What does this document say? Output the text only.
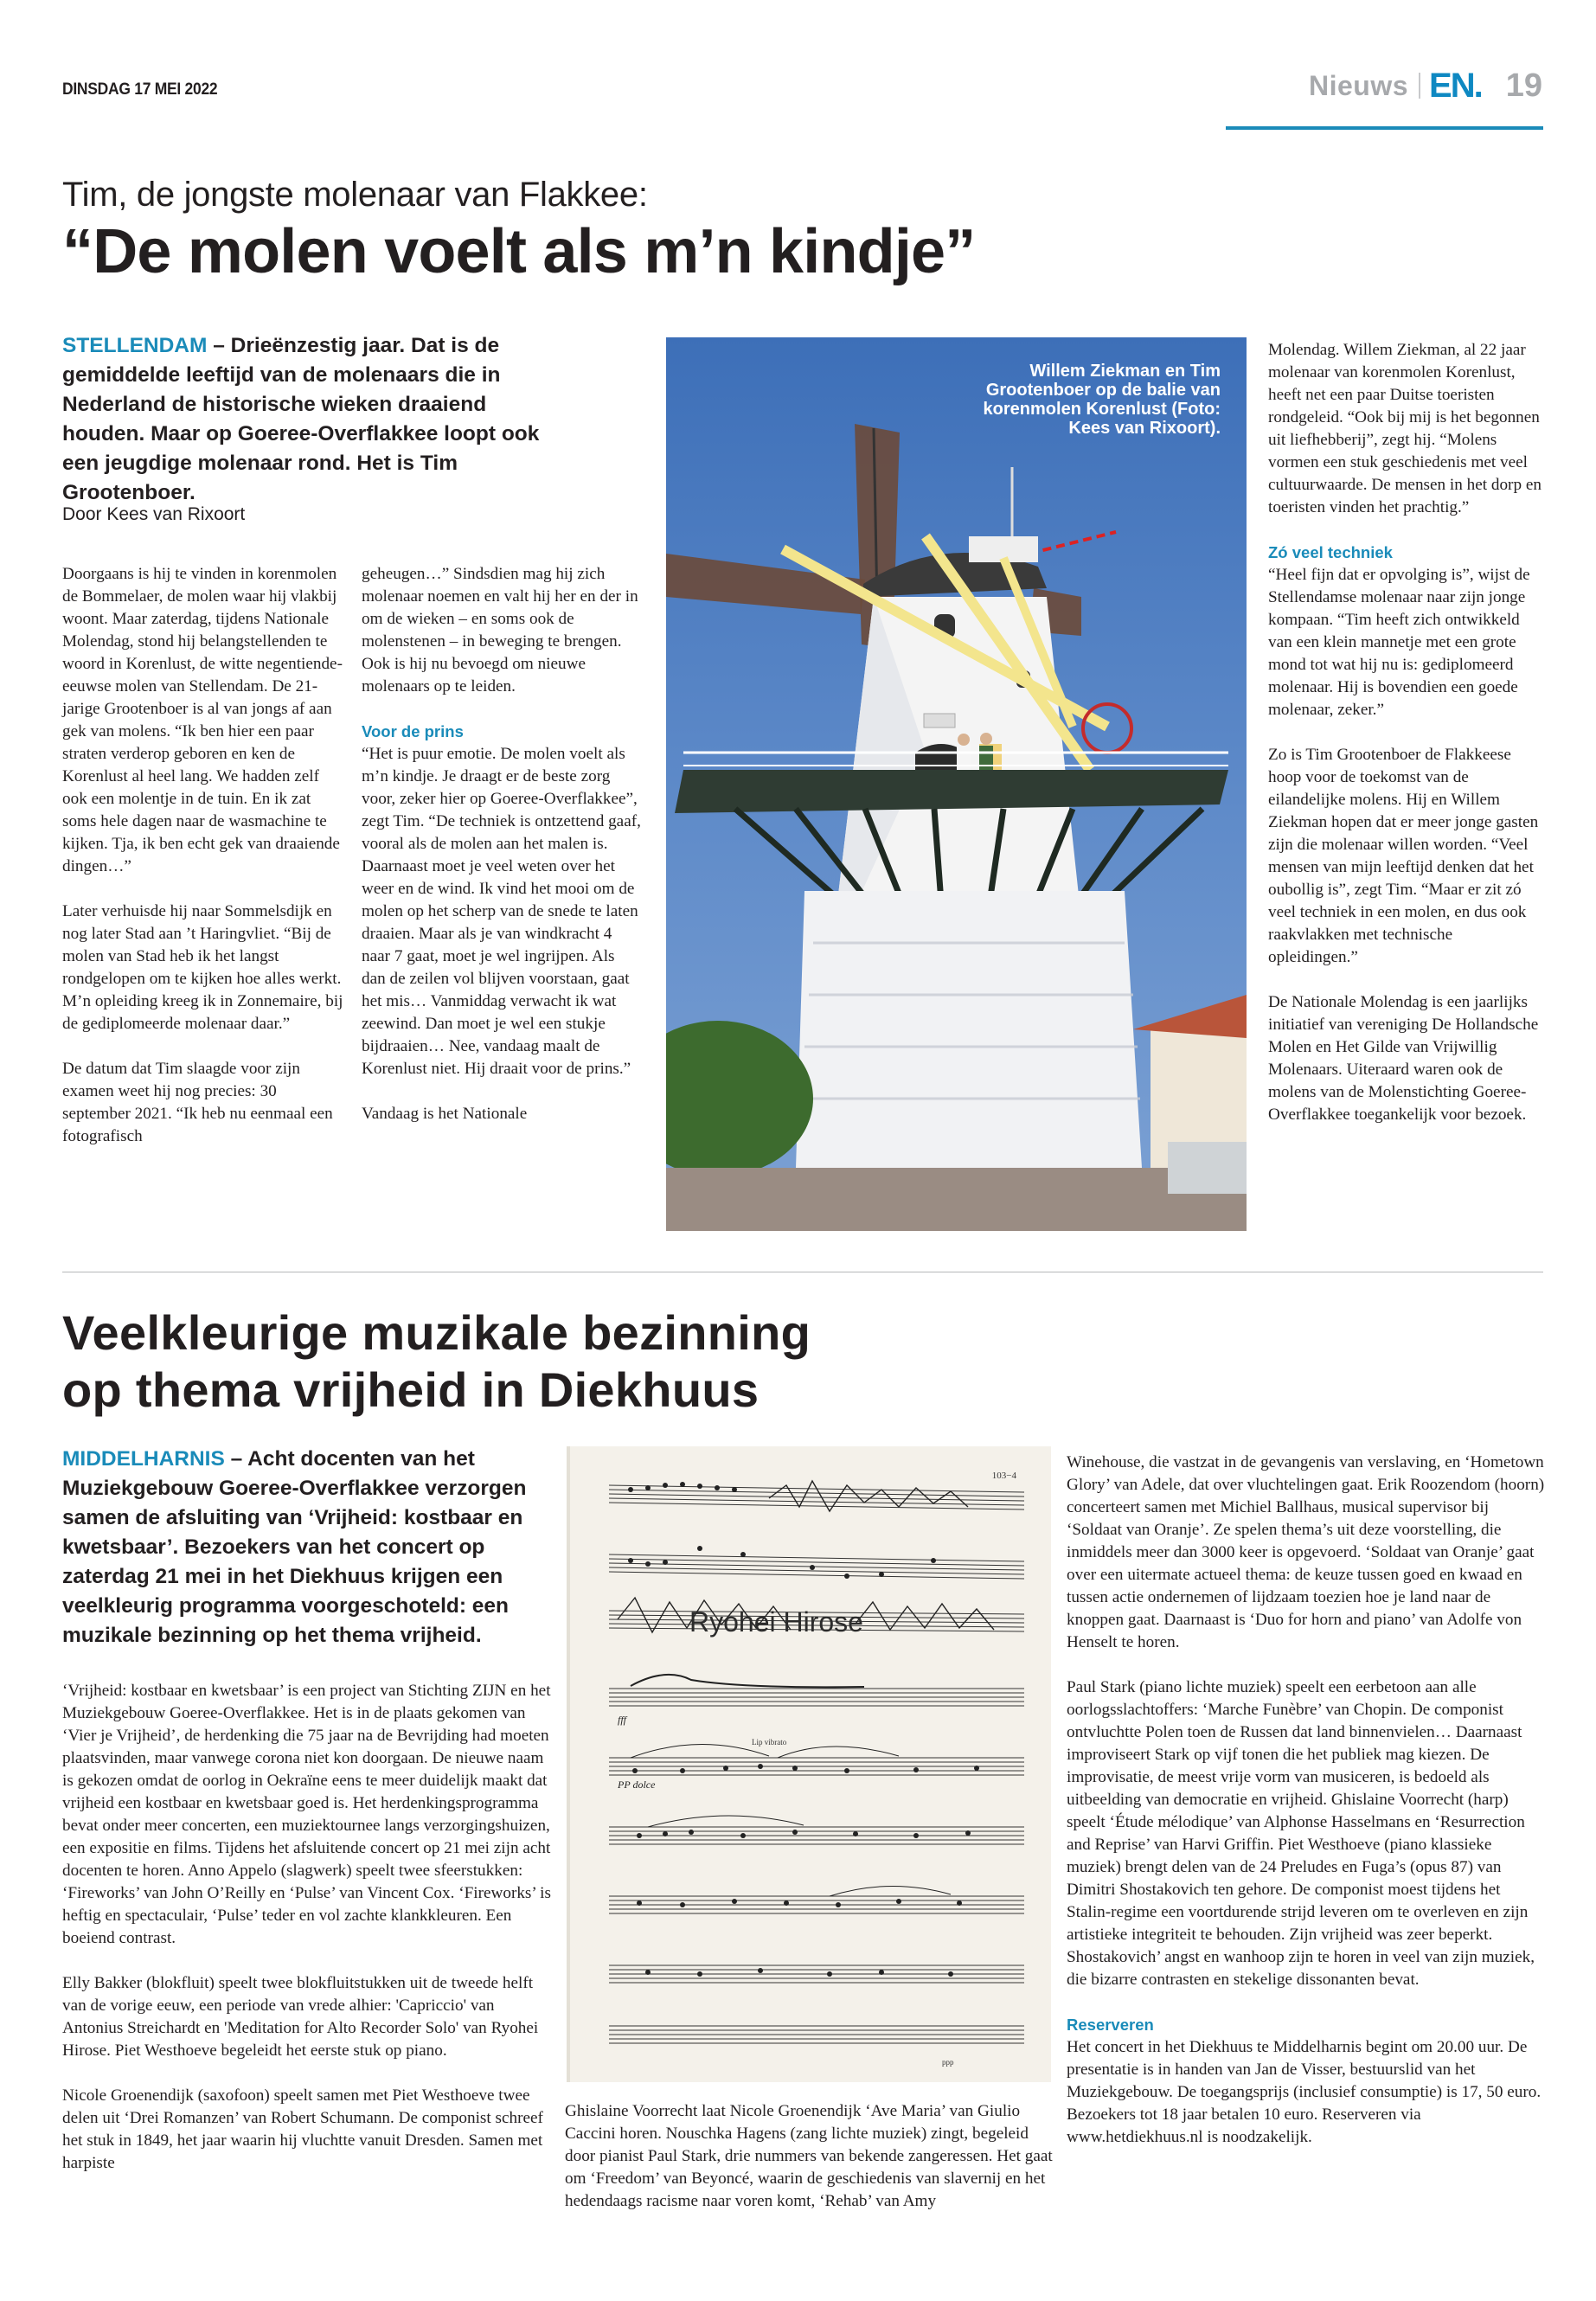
DINSDAG 17 MEI 2022	Nieuws EN. 19
Tim, de jongste molenaar van Flakkee:
“De molen voelt als m’n kindje”
STELLENDAM – Drieënzestig jaar. Dat is de gemiddelde leeftijd van de molenaars die in Nederland de historische wieken draaiend houden. Maar op Goeree-Overflakkee loopt ook een jeugdige molenaar rond. Het is Tim Grootenboer.
Door Kees van Rixoort

Doorgaans is hij te vinden in korenmolen de Bommelaer, de molen waar hij vlakbij woont. Maar zaterdag, tijdens Nationale Molendag, stond hij belangstellenden te woord in Korenlust, de witte negentiende-eeuwse molen van Stellendam. De 21-jarige Grootenboer is al van jongs af aan gek van molens. “Ik ben hier een paar straten verderop geboren en ken de Korenlust al heel lang. We hadden zelf ook een molentje in de tuin. En ik zat soms hele dagen naar de wasmachine te kijken. Tja, ik ben echt gek van draaiende dingen…”

Later verhuisde hij naar Sommelsdijk en nog later Stad aan ’t Haringvliet. “Bij de molen van Stad heb ik het langst rondgelopen om te kijken hoe alles werkt. M’n opleiding kreeg ik in Zonnemaire, bij de gediplomeerde molenaar daar.”

De datum dat Tim slaagde voor zijn examen weet hij nog precies: 30 september 2021. “Ik heb nu eenmaal een fotografisch

geheugen…” Sindsdien mag hij zich molenaar noemen en valt hij her en der in om de wieken – en soms ook de molenstenen – in beweging te brengen. Ook is hij nu bevoegd om nieuwe molenaars op te leiden.

Voor de prins

“Het is puur emotie. De molen voelt als m’n kindje. Je draagt er de beste zorg voor, zeker hier op Goeree-Overflakkee”, zegt Tim. “De techniek is ontzettend gaaf, vooral als de molen aan het malen is. Daarnaast moet je veel weten over het weer en de wind. Ik vind het mooi om de molen op het scherp van de snede te laten draaien. Maar als je van windkracht 4 naar 7 gaat, moet je wel ingrijpen. Als dan de zeilen vol blijven voorstaan, gaat het mis… Vanmiddag verwacht ik wat zeewind. Dan moet je wel een stukje bijdraaien… Nee, vandaag maalt de Korenlust niet. Hij draait voor de prins.”

Vandaag is het Nationale

Willem Ziekman en Tim Grootenboer op de balie van korenmolen Korenlust (Foto: Kees van Rixoort).

Molendag. Willem Ziekman, al 22 jaar molenaar van korenmolen Korenlust, heeft net een paar Duitse toeristen rondgeleid. “Ook bij mij is het begonnen uit liefhebberij”, zegt hij. “Molens vormen een stuk geschiedenis met veel cultuurwaarde. De mensen in het dorp en toeristen vinden het prachtig.”

Zó veel techniek

“Heel fijn dat er opvolging is”, wijst de Stellendamse molenaar naar zijn jonge kompaan. “Tim heeft zich ontwikkeld van een klein mannetje met een grote mond tot wat hij nu is: gediplomeerd molenaar. Hij is bovendien een goede molenaar, zeker.”

Zo is Tim Grootenboer de Flakkeese hoop voor de toekomst van de eilandelijke molens. Hij en Willem Ziekman hopen dat er meer jonge gasten zijn die molenaar willen worden. “Veel mensen van mijn leeftijd denken dat het oubollig is”, zegt Tim. “Maar er zit zó veel techniek in een molen, en dus ook raakvlakken met technische opleidingen.”

De Nationale Molendag is een jaarlijks initiatief van vereniging De Hollandsche Molen en Het Gilde van Vrijwillig Molenaars. Uiteraard waren ook de molens van de Molenstichting Goeree-Overflakkee toegankelijk voor bezoek.

Veelkleurige muzikale bezinning
op thema vrijheid in Diekhuus
MIDDELHARNIS – Acht docenten van het Muziekgebouw Goeree-Overflakkee verzorgen samen de afsluiting van ‘Vrijheid: kostbaar en kwetsbaar’. Bezoekers van het concert op zaterdag 21 mei in het Diekhuus krijgen een veelkleurig programma voorgeschoteld: een muzikale bezinning op het thema vrijheid.

‘Vrijheid: kostbaar en kwetsbaar’ is een project van Stichting ZIJN en het Muziekgebouw Goeree-Overflakkee. Het is in de plaats gekomen van ‘Vier je Vrijheid’, de herdenking die 75 jaar na de Bevrijding had moeten plaatsvinden, maar vanwege corona niet kon doorgaan. De nieuwe naam is gekozen omdat de oorlog in Oekraïne eens te meer duidelijk maakt dat vrijheid een kostbaar en kwetsbaar goed is. Het herdenkingsprogramma bevat onder meer concerten, een muziektournee langs verzorgingshuizen, een expositie en films. Tijdens het afsluitende concert op 21 mei zijn acht docenten te horen. Anno Appelo (slagwerk) speelt twee sfeerstukken: ‘Fireworks’ van John O’Reilly en ‘Pulse’ van Vincent Cox. ‘Fireworks’ is heftig en spectaculair, ‘Pulse’ teder en vol zachte klankkleuren. Een boeiend contrast.

Elly Bakker (blokfluit) speelt twee blokfluitstukken uit de tweede helft van de vorige eeuw, een periode van vrede alhier: 'Capriccio' van Antonius Streichardt en 'Meditation for Alto Recorder Solo' van Ryohei Hirose. Piet Westhoeve begeleidt het eerste stuk op piano.

Nicole Groenendijk (saxofoon) speelt samen met Piet Westhoeve twee delen uit ‘Drei Romanzen’ van Robert Schumann. De componist schreef het stuk in 1849, het jaar waarin hij vluchtte vanuit Dresden. Samen met harpiste

fff
PP dolce
Lip vibrato
ppp
103−4
Ryohei Hirose

Ghislaine Voorrecht laat Nicole Groenendijk ‘Ave Maria’ van Giulio Caccini horen. Nouschka Hagens (zang lichte muziek) zingt, begeleid door pianist Paul Stark, drie nummers van bekende zangeressen. Het gaat om ‘Freedom’ van Beyoncé, waarin de geschiedenis van slavernij en het hedendaags racisme naar voren komt, ‘Rehab’ van Amy

Winehouse, die vastzat in de gevangenis van verslaving, en ‘Hometown Glory’ van Adele, dat over vluchtelingen gaat. Erik Roozendom (hoorn) concerteert samen met Michiel Ballhaus, musical supervisor bij ‘Soldaat van Oranje’. Ze spelen thema’s uit deze voorstelling, die inmiddels meer dan 3000 keer is opgevoerd. ‘Soldaat van Oranje’ gaat over een uitermate actueel thema: de keuze tussen goed en kwaad en tussen actie ondernemen of lijdzaam toezien hoe je land naar de knoppen gaat. Daarnaast is ‘Duo for horn and piano’ van Adolfe von Henselt te horen.

Paul Stark (piano lichte muziek) speelt een eerbetoon aan alle oorlogsslachtoffers: ‘Marche Funèbre’ van Chopin. De componist ontvluchtte Polen toen de Russen dat land binnenvielen… Daarnaast improviseert Stark op vijf tonen die het publiek mag kiezen. De improvisatie, de meest vrije vorm van musiceren, is bedoeld als uitbeelding van democratie en vrijheid. Ghislaine Voorrecht (harp) speelt ‘Étude mélodique’ van Alphonse Hasselmans en ‘Resurrection and Reprise’ van Harvi Griffin. Piet Westhoeve (piano klassieke muziek) brengt delen van de 24 Preludes en Fuga’s (opus 87) van Dimitri Shostakovich ten gehore. De componist moest tijdens het Stalin-regime een voortdurende strijd leveren om te overleven en zijn artistieke integriteit te behouden. Zijn vrijheid was zeer beperkt. Shostakovich’ angst en wanhoop zijn te horen in veel van zijn muziek, die bizarre contrasten en stekelige dissonanten bevat.

Reserveren

Het concert in het Diekhuus te Middelharnis begint om 20.00 uur. De presentatie is in handen van Jan de Visser, bestuurslid van het Muziekgebouw. De toegangsprijs (inclusief consumptie) is 17, 50 euro. Bezoekers tot 18 jaar betalen 10 euro. Reserveren via www.hetdiekhuus.nl is noodzakelijk.
